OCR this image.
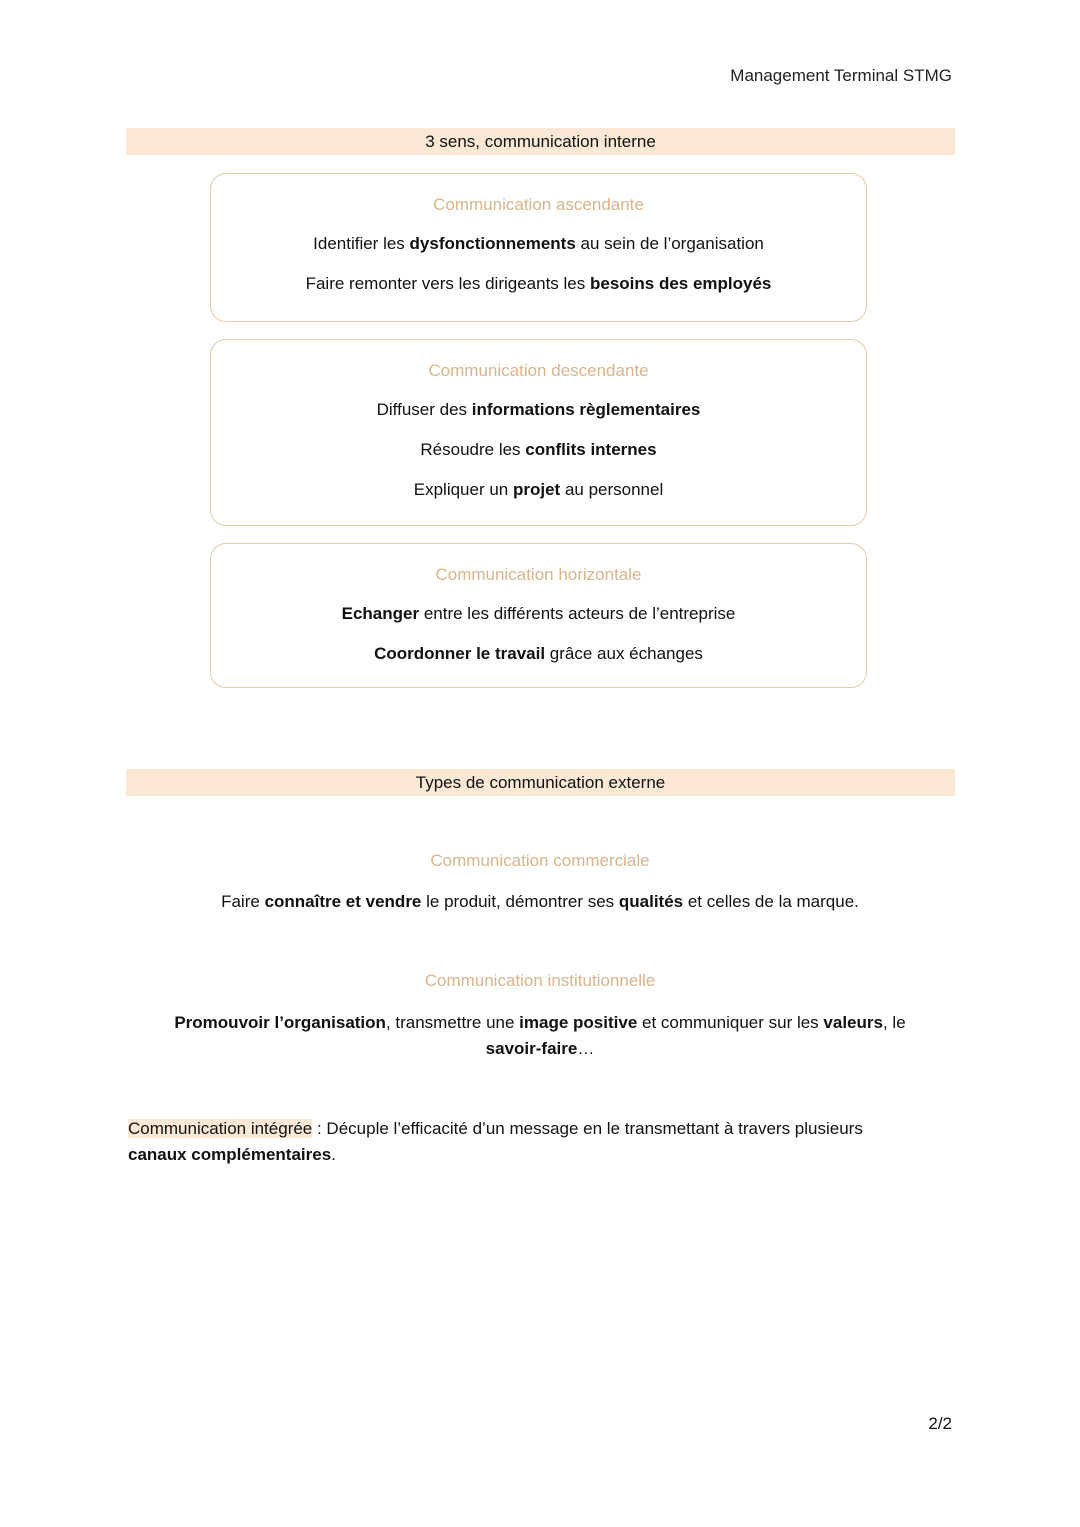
Management Terminal STMG
3 sens, communication interne
Communication ascendante
Identifier les dysfonctionnements au sein de l’organisation
Faire remonter vers les dirigeants les besoins des employés
Communication descendante
Diffuser des informations règlementaires
Résoudre les conflits internes
Expliquer un projet au personnel
Communication horizontale
Echanger entre les différents acteurs de l’entreprise
Coordonner le travail grâce aux échanges
Types de communication externe
Communication commerciale
Faire connaître et vendre le produit, démontrer ses qualités et celles de la marque.
Communication institutionnelle
Promouvoir l’organisation, transmettre une image positive et communiquer sur les valeurs, le
savoir-faire…
Communication intégrée : Décuple l’efficacité d’un message en le transmettant à travers plusieurs
canaux complémentaires.
2/2
